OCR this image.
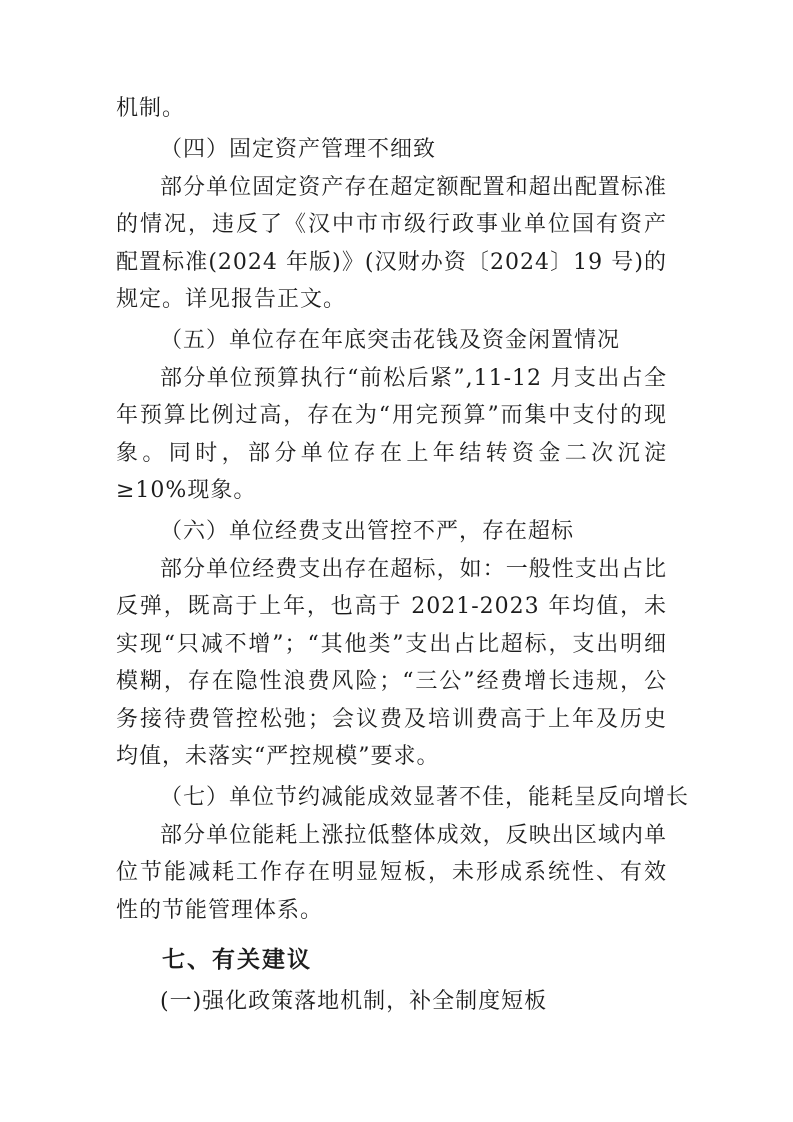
机制。

（四）固定资产管理不细致

部分单位固定资产存在超定额配置和超出配置标准的情况，违反了《汉中市市级行政事业单位国有资产配置标准(2024 年版)》(汉财办资〔2024〕19 号)的规定。详见报告正文。

（五）单位存在年底突击花钱及资金闲置情况

部分单位预算执行“前松后紧”,11-12 月支出占全年预算比例过高，存在为“用完预算”而集中支付的现象。同时，部分单位存在上年结转资金二次沉淀≥10%现象。

（六）单位经费支出管控不严，存在超标

部分单位经费支出存在超标，如：一般性支出占比反弹，既高于上年，也高于 2021-2023 年均值，未实现“只减不增”；“其他类”支出占比超标，支出明细模糊，存在隐性浪费风险；“三公”经费增长违规，公务接待费管控松弛；会议费及培训费高于上年及历史均值，未落实“严控规模”要求。

（七）单位节约减能成效显著不佳，能耗呈反向增长

部分单位能耗上涨拉低整体成效，反映出区域内单位节能减耗工作存在明显短板，未形成系统性、有效性的节能管理体系。

七、有关建议

(一)强化政策落地机制，补全制度短板
